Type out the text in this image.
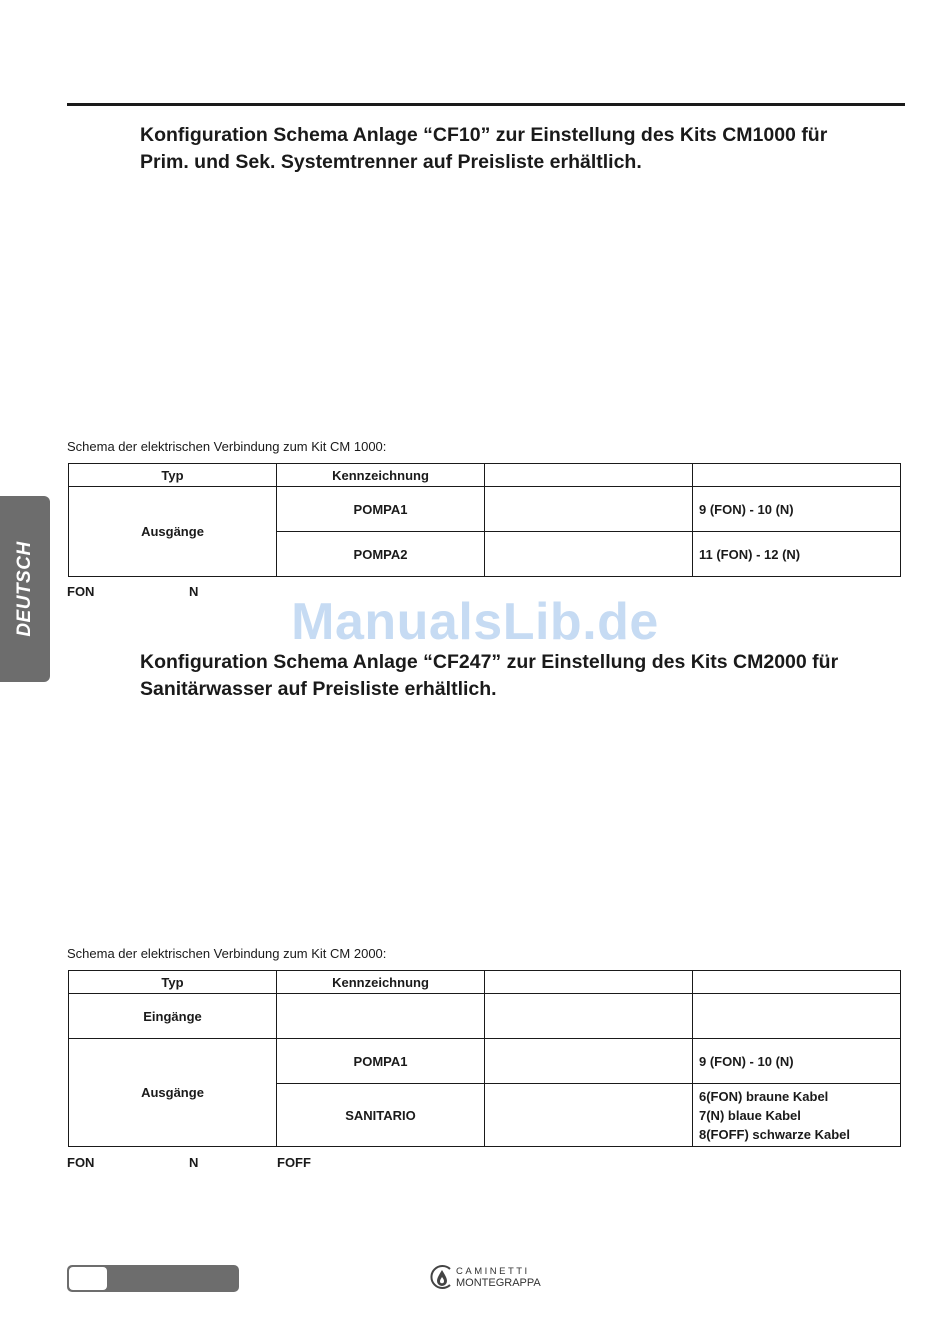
DEUTSCH
Konfiguration Schema Anlage “CF10” zur Einstellung des Kits CM1000 für
Prim. und Sek. Systemtrenner auf Preisliste erhältlich.
Schema der elektrischen Verbindung zum Kit CM 1000:
Typ	Kennzeichnung		
Ausgänge	POMPA1		9 (FON) - 10 (N)
	POMPA2		11 (FON) - 12 (N)
FON	N
ManualsLib.de
Konfiguration Schema Anlage “CF247” zur Einstellung des Kits CM2000 für
Sanitärwasser auf Preisliste erhältlich.
Schema der elektrischen Verbindung zum Kit CM 2000:
Typ	Kennzeichnung		
Eingänge			
Ausgänge	POMPA1		9 (FON) - 10 (N)
	SANITARIO		6(FON) braune Kabel
7(N) blaue Kabel
8(FOFF) schwarze Kabel
FON	N	FOFF
CAMINETTI
MONTEGRAPPA
